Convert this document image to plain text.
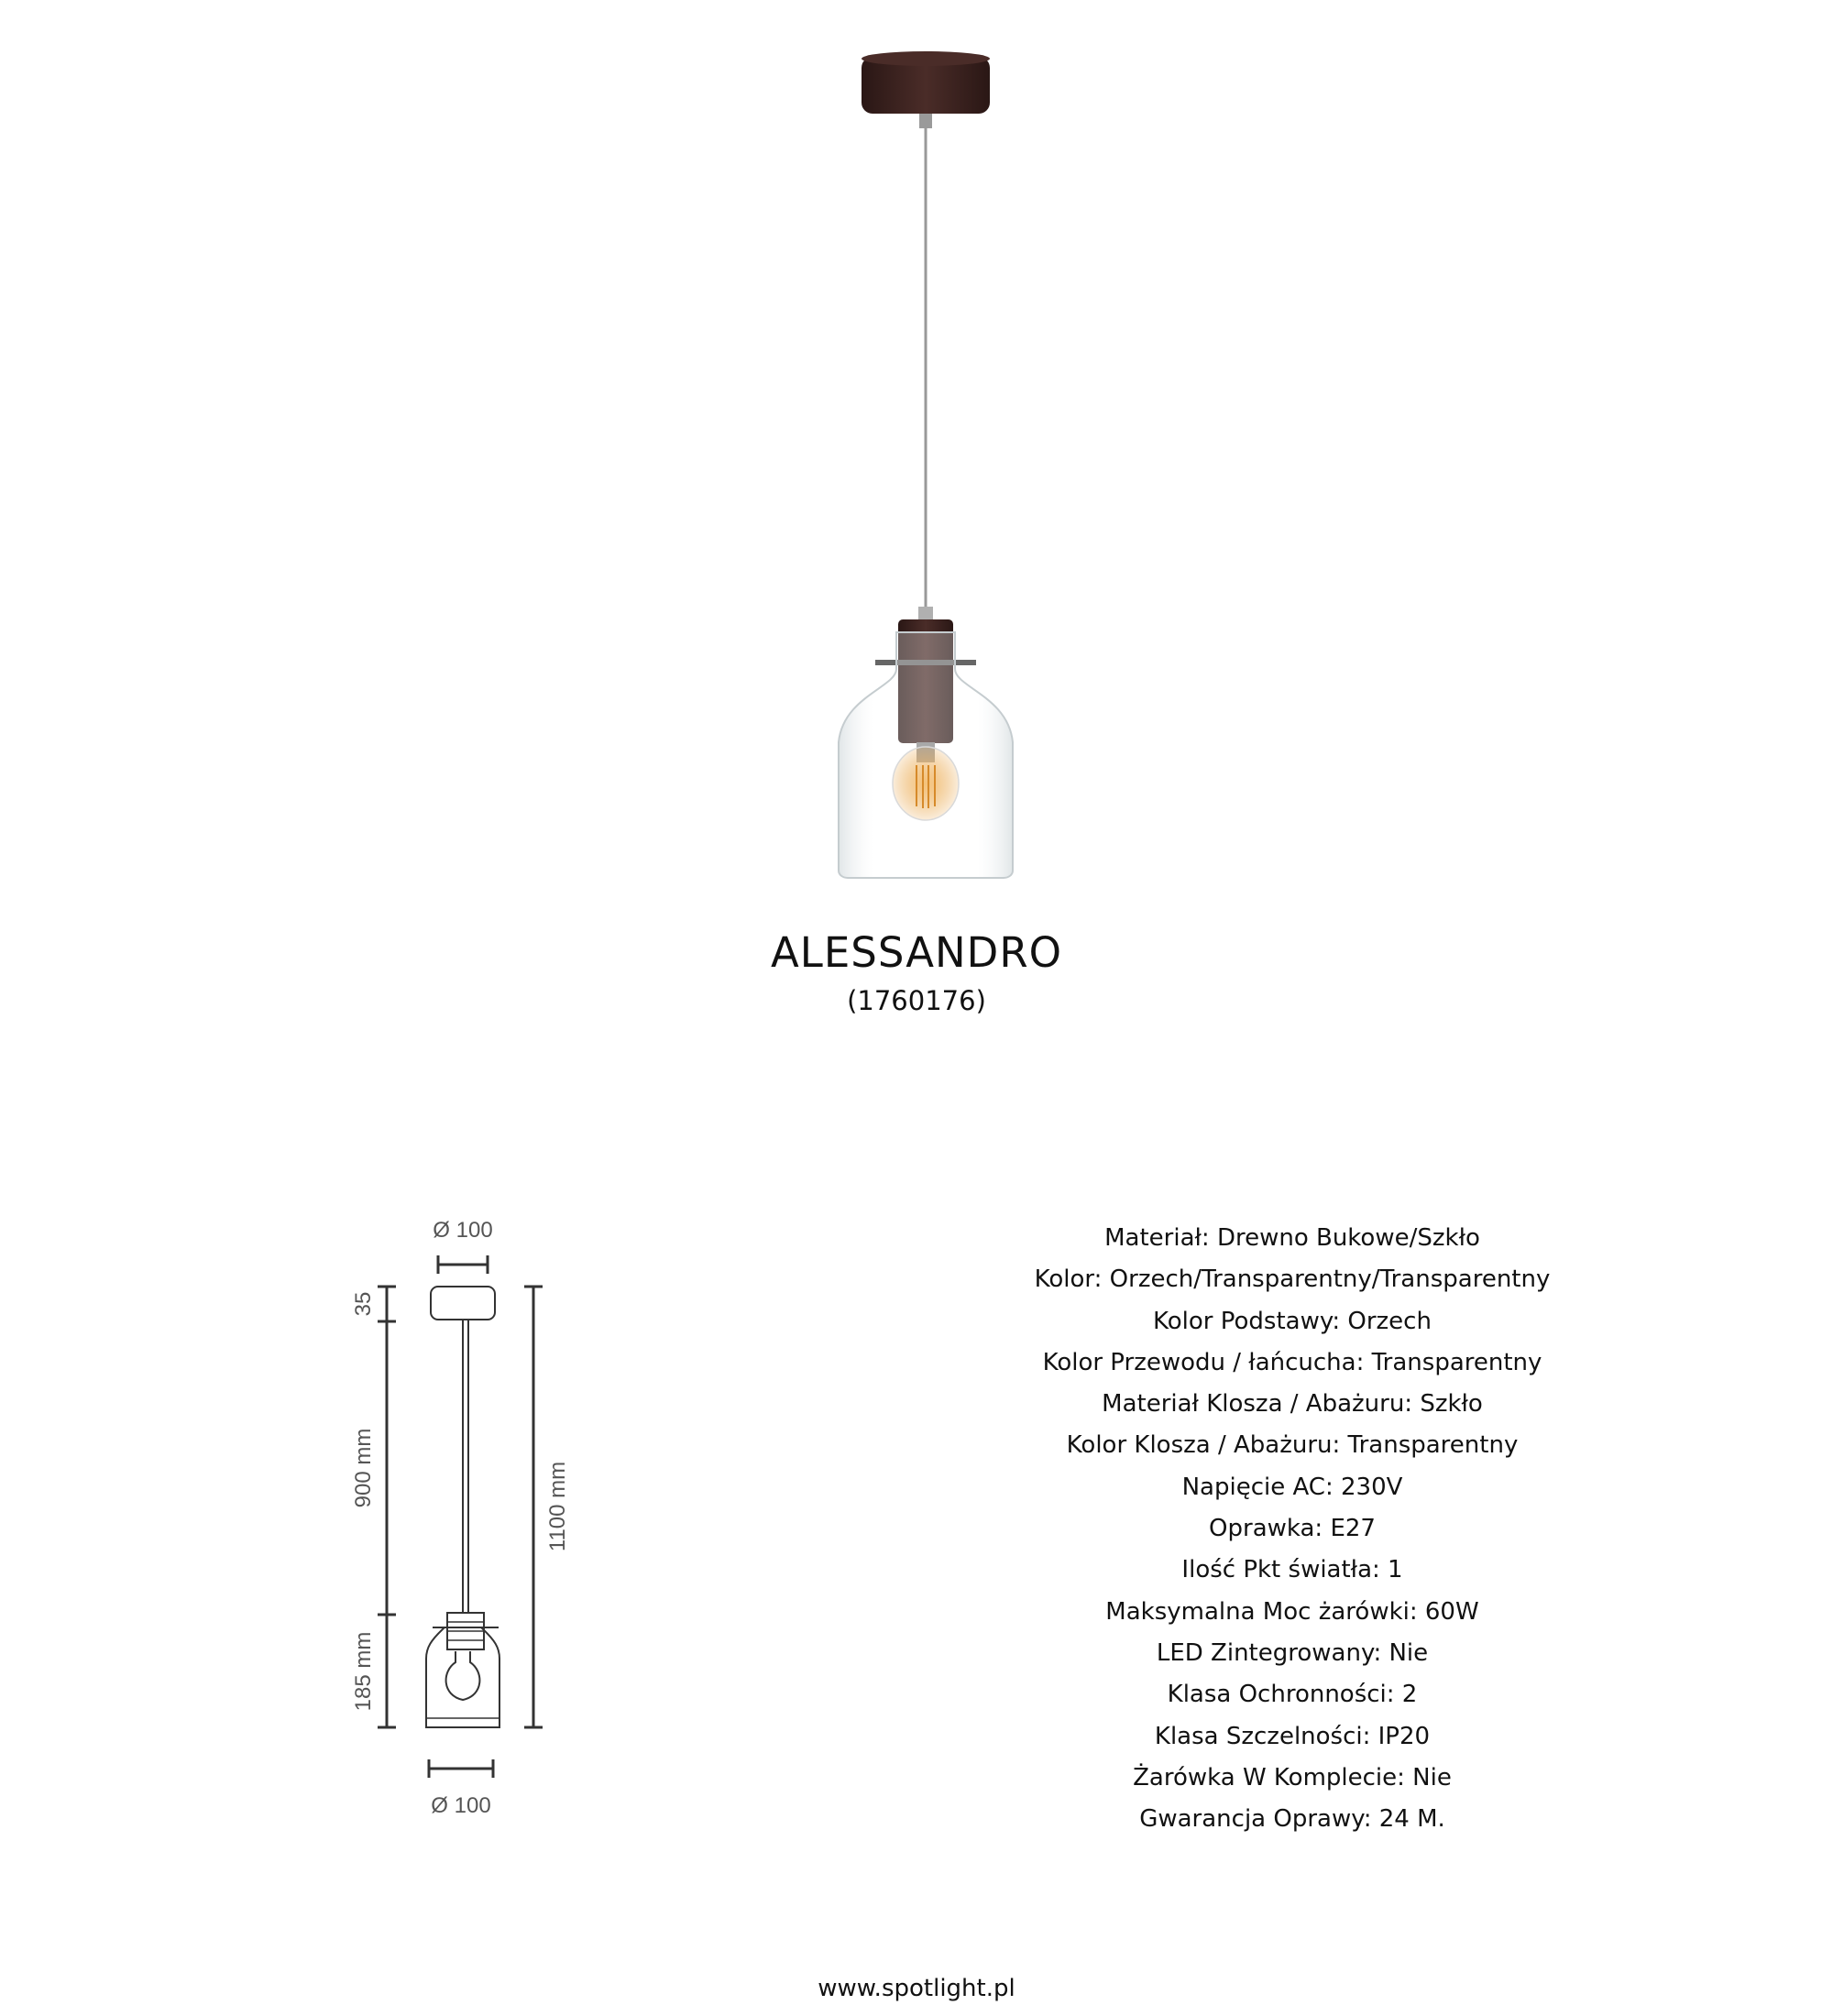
ALESSANDRO

(1760176)

Ø 100
35
900 mm
185 mm
1100 mm
Ø 100
Materiał: Drewno Bukowe/Szkło
Kolor: Orzech/Transparentny/Transparentny
Kolor Podstawy: Orzech
Kolor Przewodu / łańcucha: Transparentny
Materiał Klosza / Abażuru: Szkło
Kolor Klosza / Abażuru: Transparentny
Napięcie AC: 230V
Oprawka: E27
Ilość Pkt światła: 1
Maksymalna Moc żarówki: 60W
LED Zintegrowany: Nie
Klasa Ochronności: 2
Klasa Szczelności: IP20
Żarówka W Komplecie: Nie
Gwarancja Oprawy: 24 M.
www.spotlight.pl
